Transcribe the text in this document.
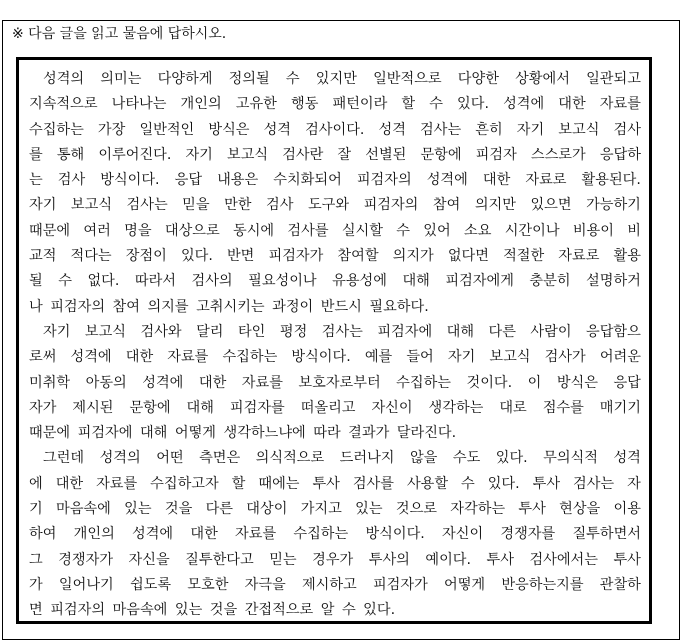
※ 다음 글을 읽고 물음에 답하시오.
성격의 의미는 다양하게 정의될 수 있지만 일반적으로 다양한 상황에서 일관되고
지속적으로 나타나는 개인의 고유한 행동 패턴이라 할 수 있다. 성격에 대한 자료를
수집하는 가장 일반적인 방식은 성격 검사이다. 성격 검사는 흔히 자기 보고식 검사
를 통해 이루어진다. 자기 보고식 검사란 잘 선별된 문항에 피검자 스스로가 응답하
는 검사 방식이다. 응답 내용은 수치화되어 피검자의 성격에 대한 자료로 활용된다.
자기 보고식 검사는 믿을 만한 검사 도구와 피검자의 참여 의지만 있으면 가능하기
때문에 여러 명을 대상으로 동시에 검사를 실시할 수 있어 소요 시간이나 비용이 비
교적 적다는 장점이 있다. 반면 피검자가 참여할 의지가 없다면 적절한 자료로 활용
될 수 없다. 따라서 검사의 필요성이나 유용성에 대해 피검자에게 충분히 설명하거
나 피검자의 참여 의지를 고취시키는 과정이 반드시 필요하다.
자기 보고식 검사와 달리 타인 평정 검사는 피검자에 대해 다른 사람이 응답함으
로써 성격에 대한 자료를 수집하는 방식이다. 예를 들어 자기 보고식 검사가 어려운
미취학 아동의 성격에 대한 자료를 보호자로부터 수집하는 것이다. 이 방식은 응답
자가 제시된 문항에 대해 피검자를 떠올리고 자신이 생각하는 대로 점수를 매기기
때문에 피검자에 대해 어떻게 생각하느냐에 따라 결과가 달라진다.
그런데 성격의 어떤 측면은 의식적으로 드러나지 않을 수도 있다. 무의식적 성격
에 대한 자료를 수집하고자 할 때에는 투사 검사를 사용할 수 있다. 투사 검사는 자
기 마음속에 있는 것을 다른 대상이 가지고 있는 것으로 자각하는 투사 현상을 이용
하여 개인의 성격에 대한 자료를 수집하는 방식이다. 자신이 경쟁자를 질투하면서
그 경쟁자가 자신을 질투한다고 믿는 경우가 투사의 예이다. 투사 검사에서는 투사
가 일어나기 쉽도록 모호한 자극을 제시하고 피검자가 어떻게 반응하는지를 관찰하
면 피검자의 마음속에 있는 것을 간접적으로 알 수 있다.
